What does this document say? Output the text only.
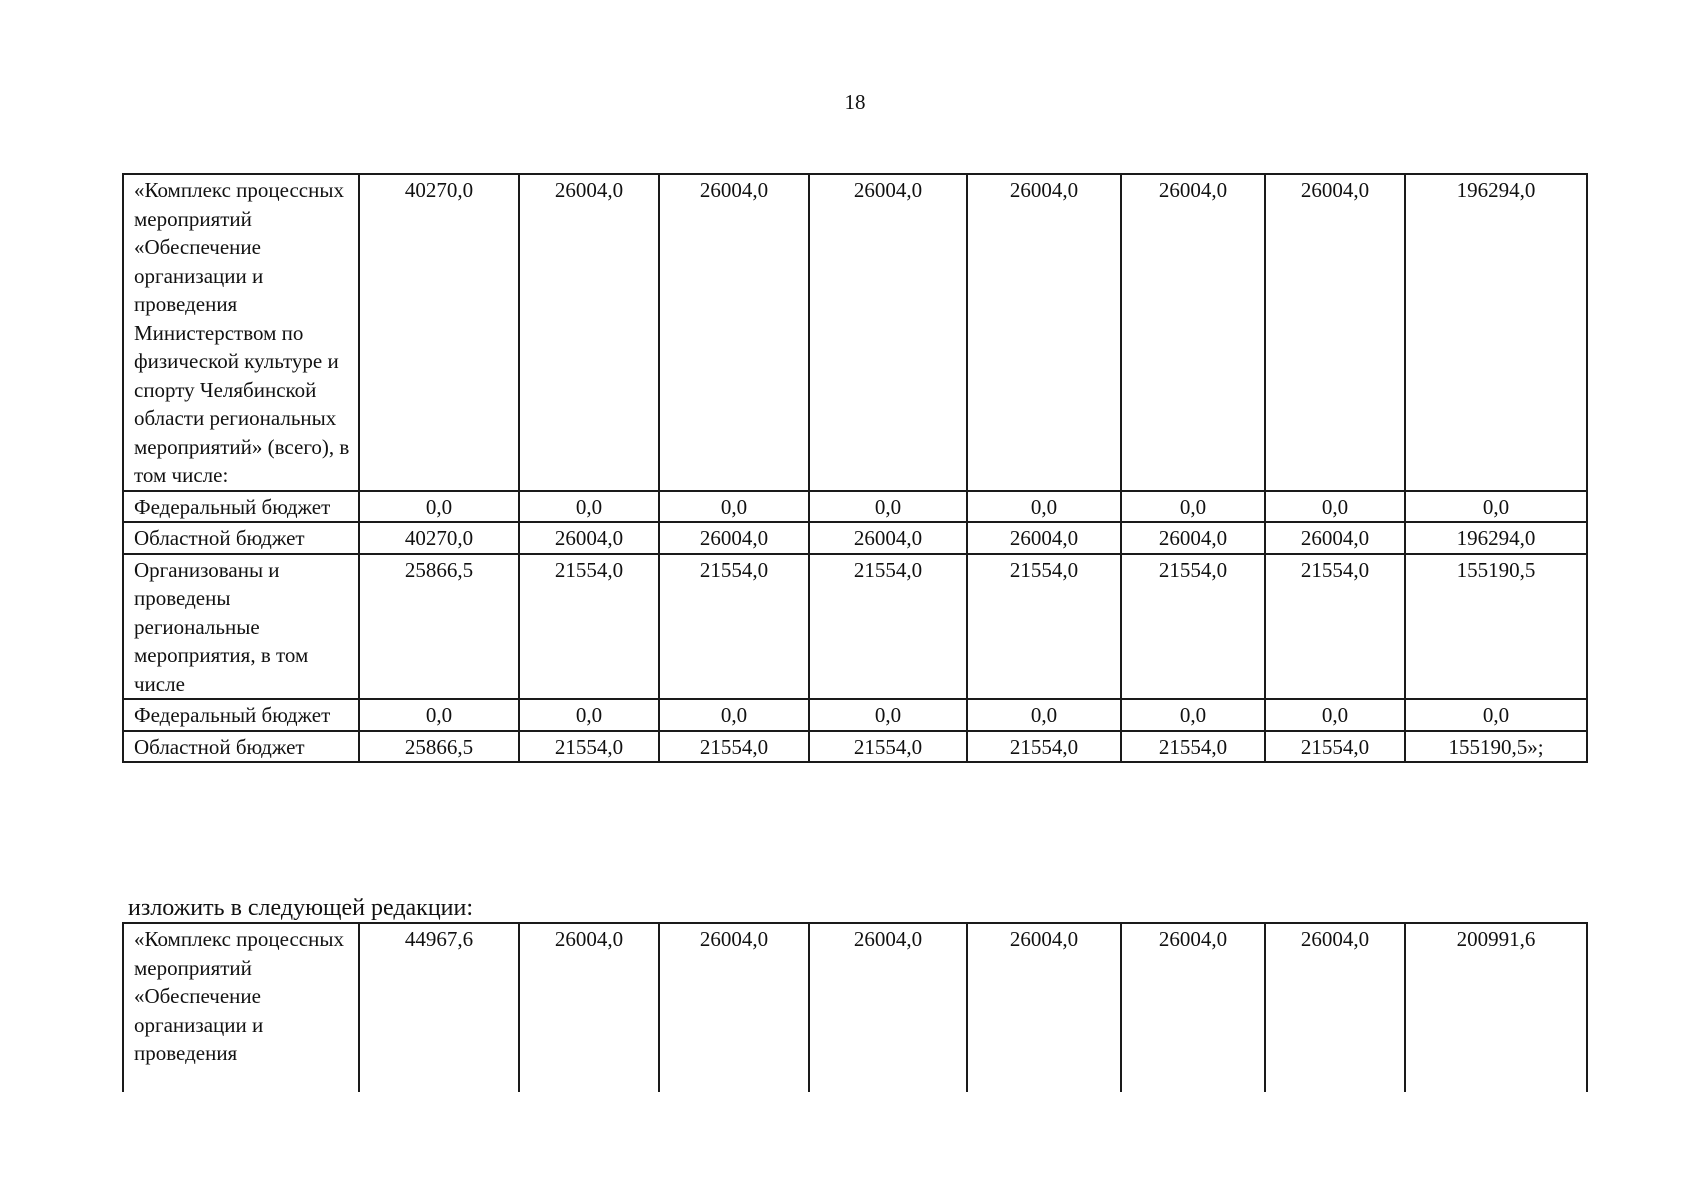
18
«Комплекс процессных мероприятий «Обеспечение организации и проведения Министерством по физической культуре и спорту Челябинской области региональных мероприятий» (всего), в том числе:	40270,0	26004,0	26004,0	26004,0	26004,0	26004,0	26004,0	196294,0
Федеральный бюджет	0,0	0,0	0,0	0,0	0,0	0,0	0,0	0,0
Областной бюджет	40270,0	26004,0	26004,0	26004,0	26004,0	26004,0	26004,0	196294,0
Организованы и проведены региональные мероприятия, в том числе	25866,5	21554,0	21554,0	21554,0	21554,0	21554,0	21554,0	155190,5
Федеральный бюджет	0,0	0,0	0,0	0,0	0,0	0,0	0,0	0,0
Областной бюджет	25866,5	21554,0	21554,0	21554,0	21554,0	21554,0	21554,0	155190,5»;
изложить в следующей редакции:
«Комплекс процессных мероприятий «Обеспечение организации и проведения	44967,6	26004,0	26004,0	26004,0	26004,0	26004,0	26004,0	200991,6
